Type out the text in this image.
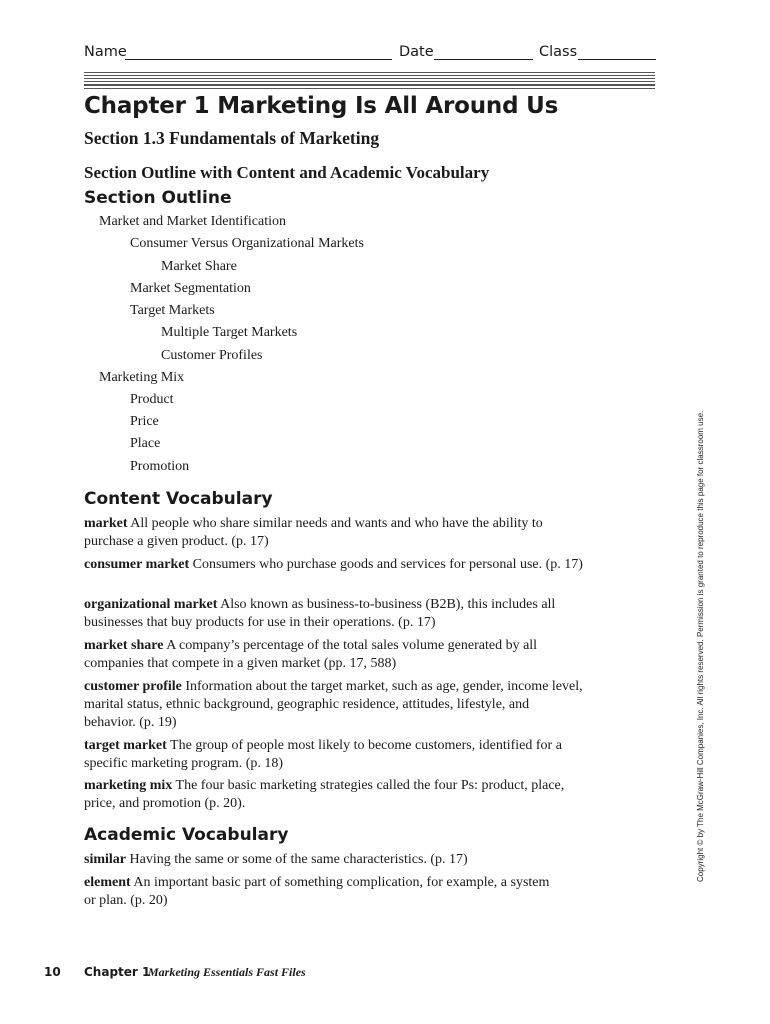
Name	Date	Class
Chapter 1 Marketing Is All Around Us
Section 1.3 Fundamentals of Marketing
Section Outline with Content and Academic Vocabulary
Section Outline
Market and Market Identification
Consumer Versus Organizational Markets
Market Share
Market Segmentation
Target Markets
Multiple Target Markets
Customer Profiles
Marketing Mix
Product
Price
Place
Promotion
Content Vocabulary
market All people who share similar needs and wants and who have the ability to purchase a given product. (p. 17)
consumer market Consumers who purchase goods and services for personal use. (p. 17)
organizational market Also known as business-to-business (B2B), this includes all businesses that buy products for use in their operations. (p. 17)
market share A company’s percentage of the total sales volume generated by all companies that compete in a given market (pp. 17, 588)
customer profile Information about the target market, such as age, gender, income level, marital status, ethnic background, geographic residence, attitudes, lifestyle, and behavior. (p. 19)
target market The group of people most likely to become customers, identified for a specific marketing program. (p. 18)
marketing mix The four basic marketing strategies called the four Ps: product, place, price, and promotion (p. 20).
Academic Vocabulary
similar Having the same or some of the same characteristics. (p. 17)
element An important basic part of something complication, for example, a system or plan. (p. 20)
Copyright © by The McGraw-Hill Companies, Inc. All rights reserved. Permission is granted to reproduce this page for classroom use.
10 Chapter 1
Marketing Essentials Fast Files
